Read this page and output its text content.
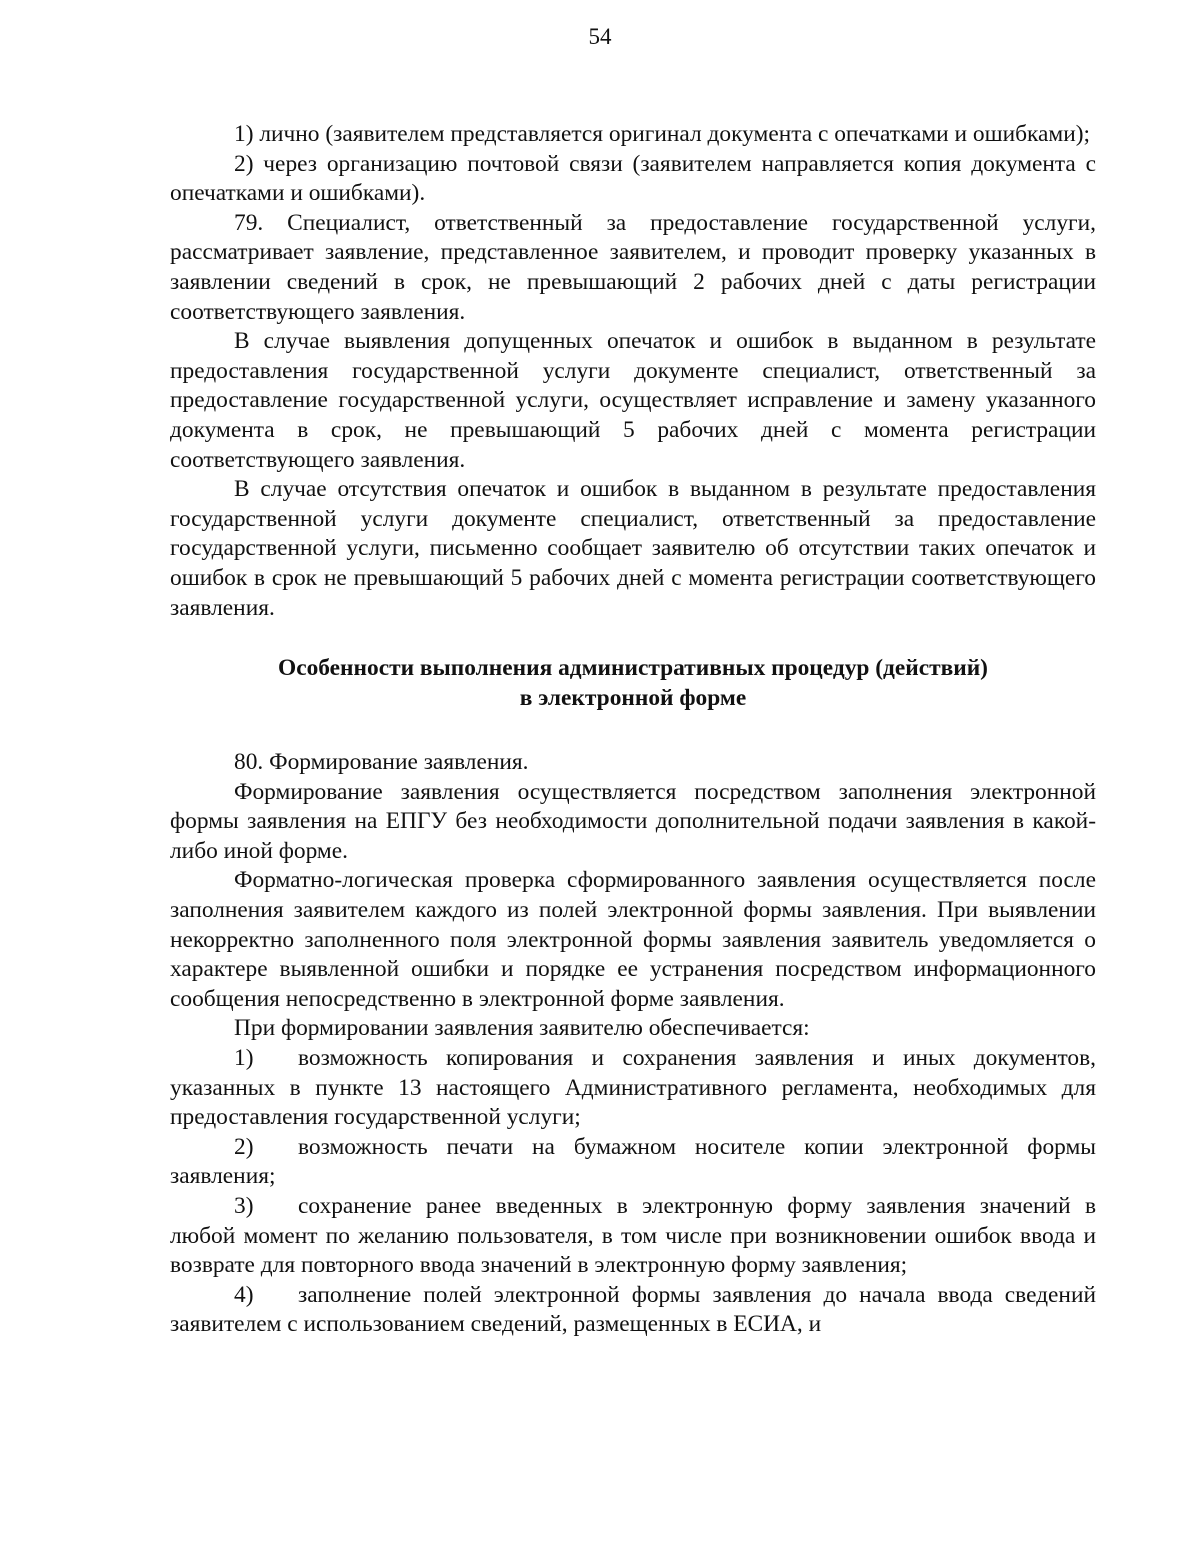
54

1) лично (заявителем представляется оригинал документа с опечатками и ошибками);

2) через организацию почтовой связи (заявителем направляется копия документа с опечатками и ошибками).

79. Специалист, ответственный за предоставление государственной услуги, рассматривает заявление, представленное заявителем, и проводит проверку указанных в заявлении сведений в срок, не превышающий 2 рабочих дней с даты регистрации соответствующего заявления.

В случае выявления допущенных опечаток и ошибок в выданном в результате предоставления государственной услуги документе специалист, ответственный за предоставление государственной услуги, осуществляет исправление и замену указанного документа в срок, не превышающий 5 рабочих дней с момента регистрации соответствующего заявления.

В случае отсутствия опечаток и ошибок в выданном в результате предоставления государственной услуги документе специалист, ответственный за предоставление государственной услуги, письменно сообщает заявителю об отсутствии таких опечаток и ошибок в срок не превышающий 5 рабочих дней с момента регистрации соответствующего заявления.

Особенности выполнения административных процедур (действий)
в электронной форме

80. Формирование заявления.

Формирование заявления осуществляется посредством заполнения электронной формы заявления на ЕПГУ без необходимости дополнительной подачи заявления в какой-либо иной форме.

Форматно-логическая проверка сформированного заявления осуществляется после заполнения заявителем каждого из полей электронной формы заявления. При выявлении некорректно заполненного поля электронной формы заявления заявитель уведомляется о характере выявленной ошибки и порядке ее устранения посредством информационного сообщения непосредственно в электронной форме заявления.

При формировании заявления заявителю обеспечивается:

1) возможность копирования и сохранения заявления и иных документов, указанных в пункте 13 настоящего Административного регламента, необходимых для предоставления государственной услуги;

2) возможность печати на бумажном носителе копии электронной формы заявления;

3) сохранение ранее введенных в электронную форму заявления значений в любой момент по желанию пользователя, в том числе при возникновении ошибок ввода и возврате для повторного ввода значений в электронную форму заявления;

4) заполнение полей электронной формы заявления до начала ввода сведений заявителем с использованием сведений, размещенных в ЕСИА, и
